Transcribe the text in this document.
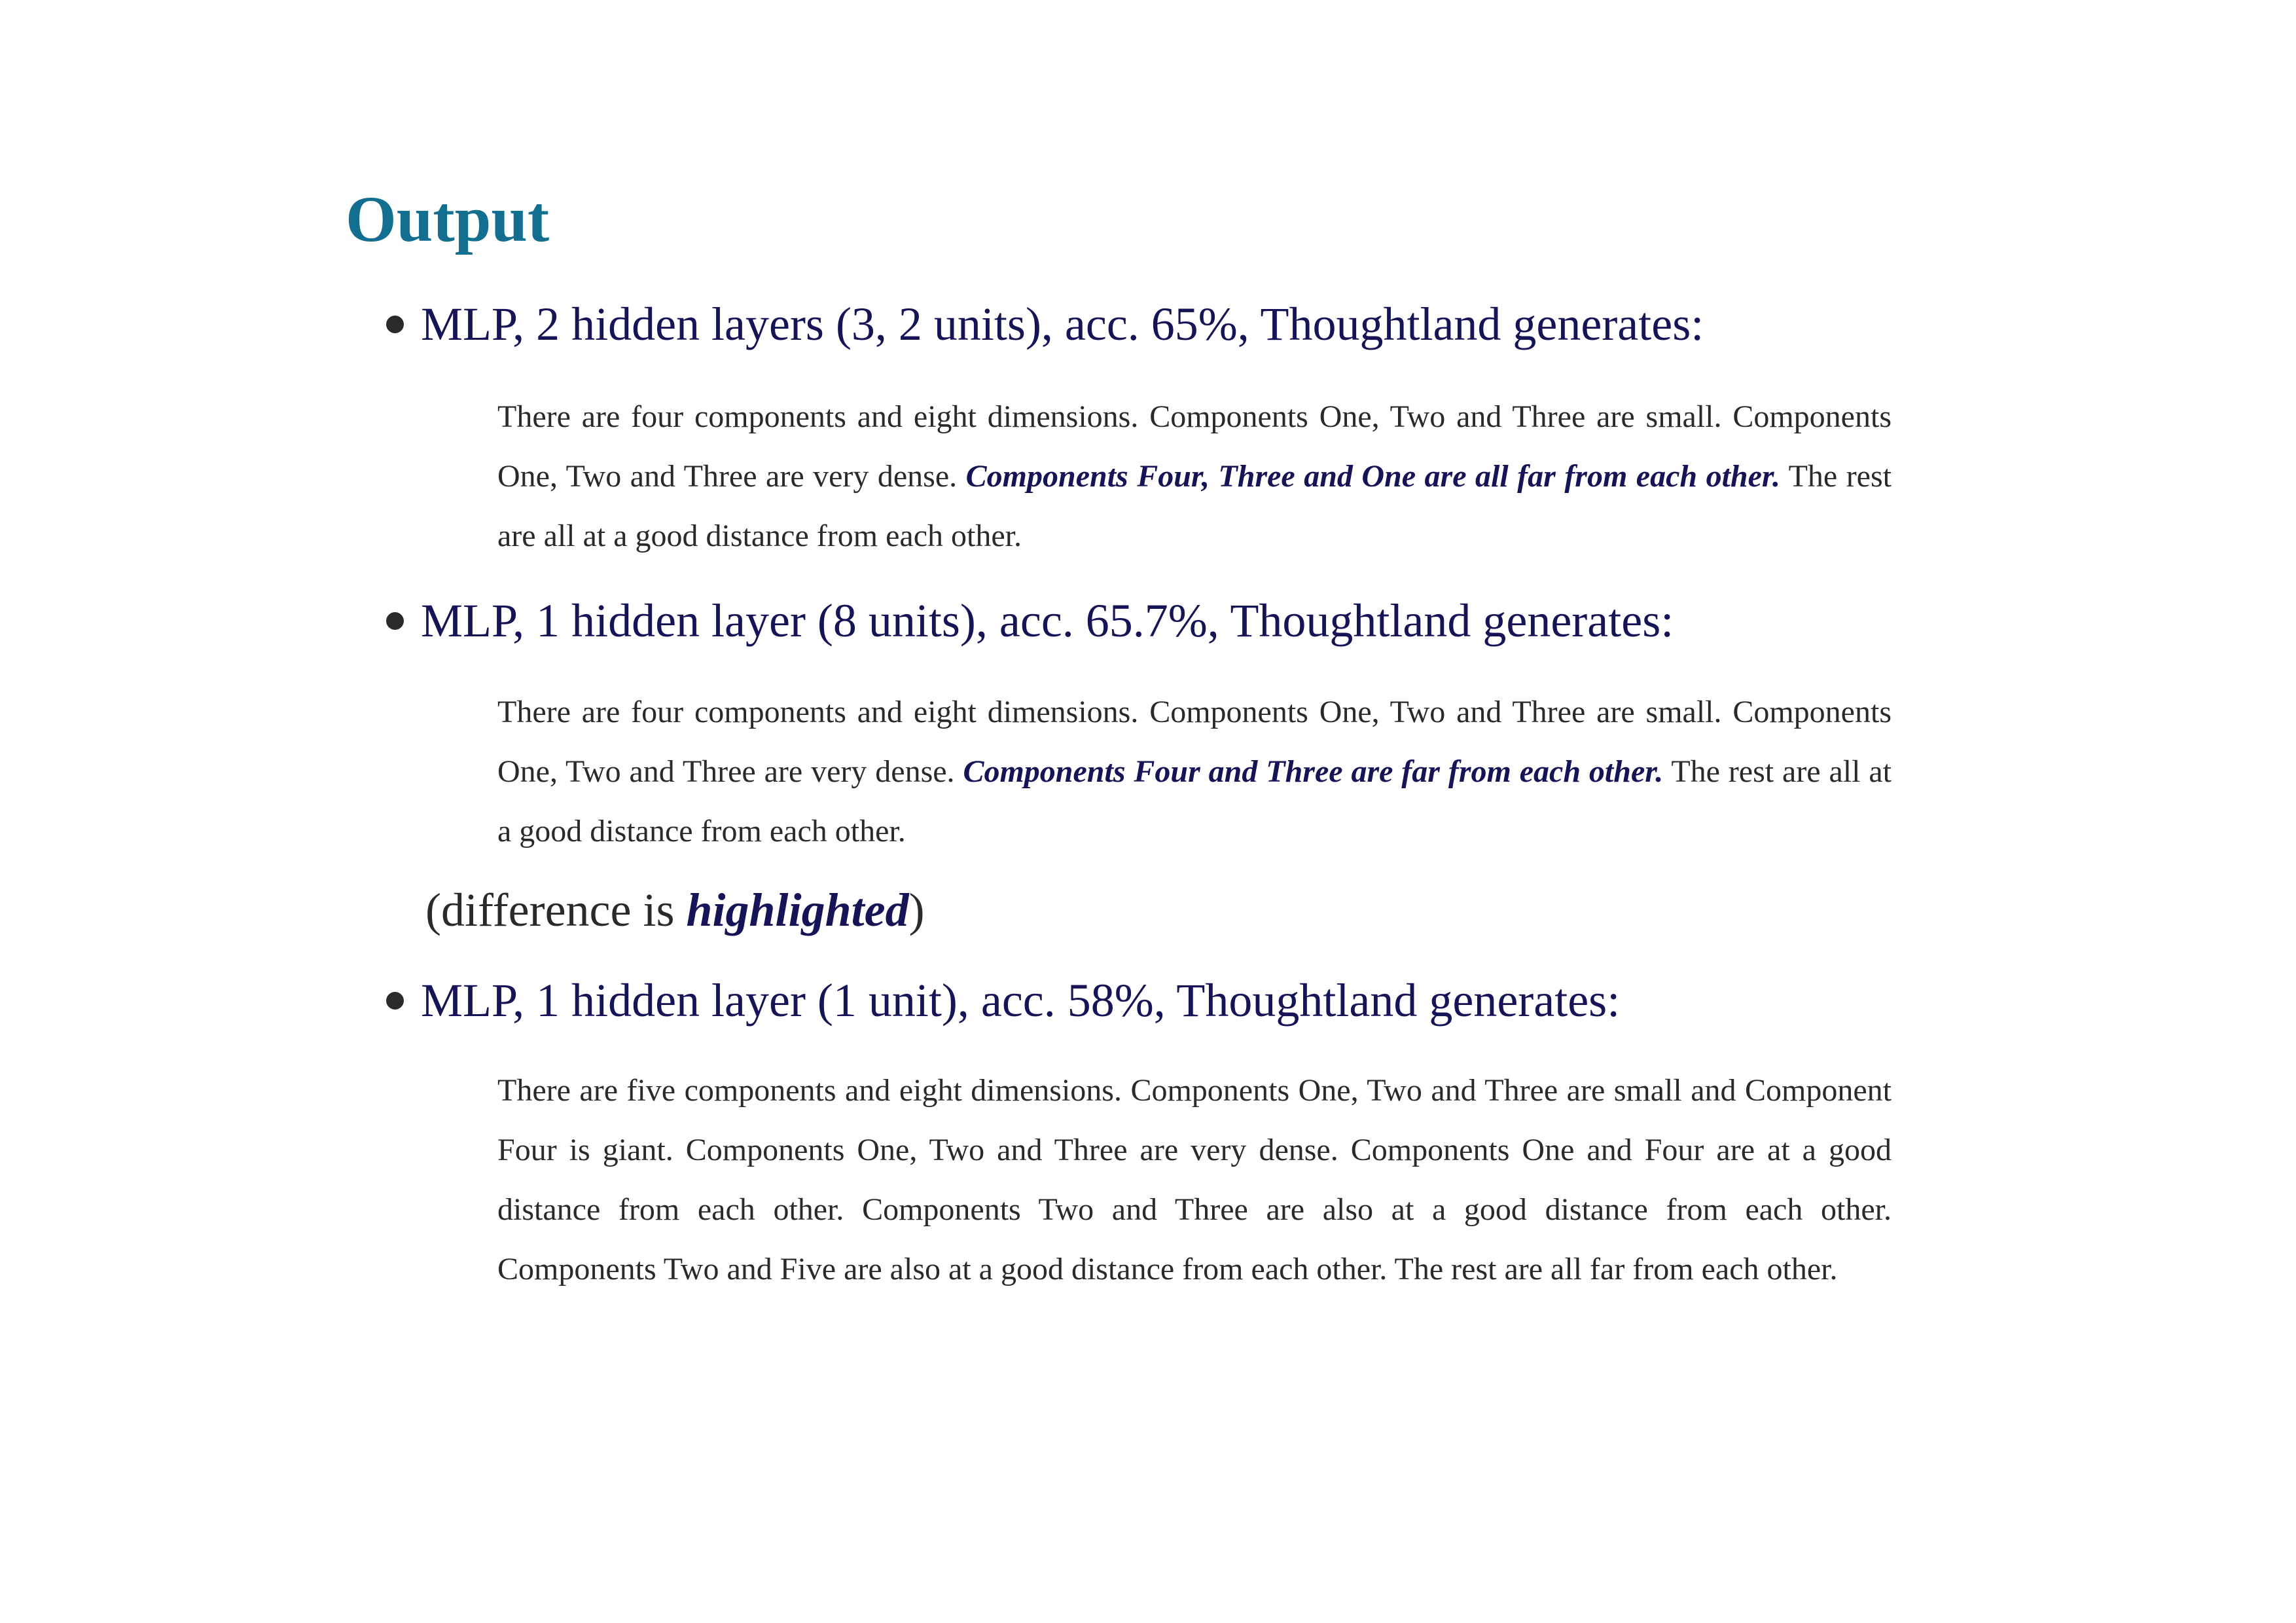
Output
MLP, 2 hidden layers (3, 2 units), acc. 65%, Thoughtland generates:

There are four components and eight dimensions. Components One, Two and Three are small. Components One, Two and Three are very dense. Components Four, Three and One are all far from each other. The rest are all at a good distance from each other.

MLP, 1 hidden layer (8 units), acc. 65.7%, Thoughtland generates:

There are four components and eight dimensions. Components One, Two and Three are small. Components One, Two and Three are very dense. Components Four and Three are far from each other. The rest are all at a good distance from each other.

(difference is highlighted )
MLP, 1 hidden layer (1 unit), acc. 58%, Thoughtland generates:

There are five components and eight dimensions. Components One, Two and Three are small and Component Four is giant. Components One, Two and Three are very dense. Components One and Four are at a good distance from each other. Components Two and Three are also at a good distance from each other. Components Two and Five are also at a good distance from each other. The rest are all far from each other.
